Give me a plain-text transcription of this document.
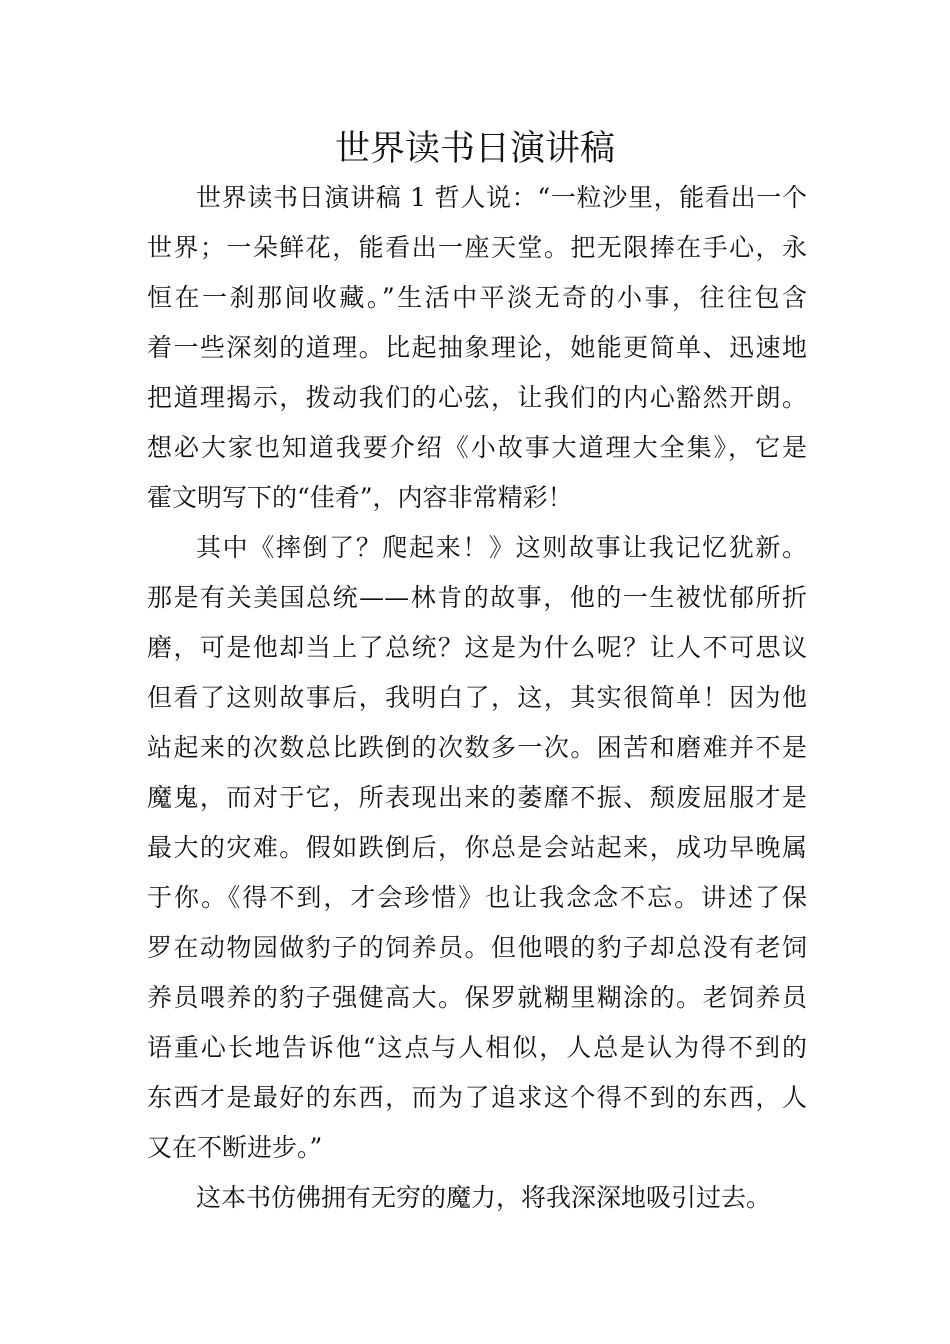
世界读书日演讲稿

世界读书日演讲稿 1 哲人说：“一粒沙里，能看出一个

世界；一朵鲜花，能看出一座天堂。把无限捧在手心，永

恒在一刹那间收藏。”生活中平淡无奇的小事，往往包含

着一些深刻的道理。比起抽象理论，她能更简单、迅速地

把道理揭示，拨动我们的心弦，让我们的内心豁然开朗。

想必大家也知道我要介绍《小故事大道理大全集》，它是

霍文明写下的“佳肴”，内容非常精彩！

其中《摔倒了？爬起来！》这则故事让我记忆犹新。

那是有关美国总统——林肯的故事，他的一生被忧郁所折

磨，可是他却当上了总统？这是为什么呢？让人不可思议

但看了这则故事后，我明白了，这，其实很简单！因为他

站起来的次数总比跌倒的次数多一次。困苦和磨难并不是

魔鬼，而对于它，所表现出来的萎靡不振、颓废屈服才是

最大的灾难。假如跌倒后，你总是会站起来，成功早晚属

于你。《得不到，才会珍惜》也让我念念不忘。讲述了保

罗在动物园做豹子的饲养员。但他喂的豹子却总没有老饲

养员喂养的豹子强健高大。保罗就糊里糊涂的。老饲养员

语重心长地告诉他“这点与人相似，人总是认为得不到的

东西才是最好的东西，而为了追求这个得不到的东西，人

又在不断进步。”

这本书仿佛拥有无穷的魔力，将我深深地吸引过去。
